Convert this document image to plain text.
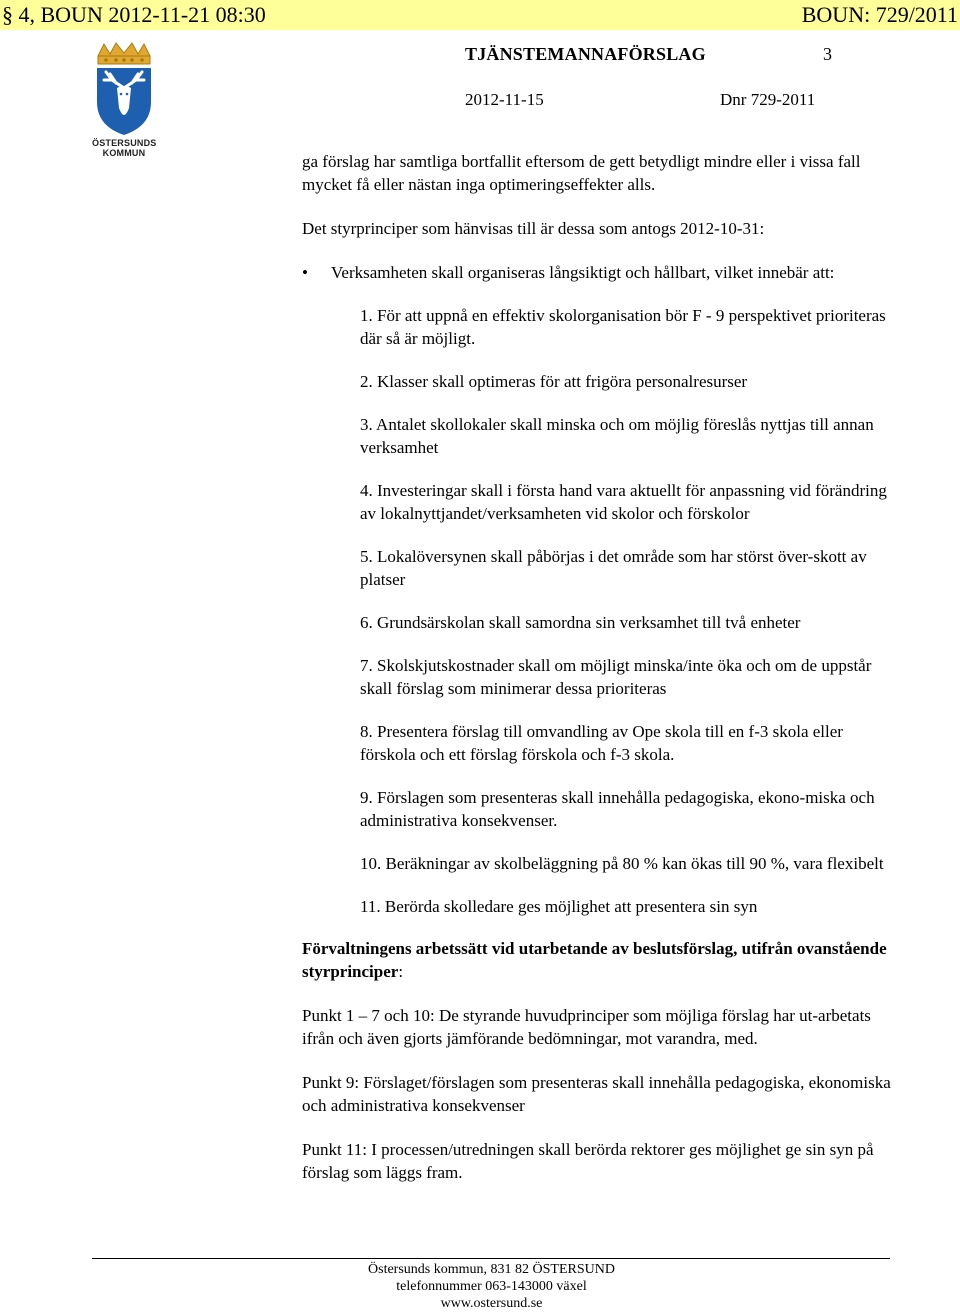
§ 4, BOUN 2012-11-21 08:30	BOUN: 729/2011
ÖSTERSUNDS KOMMUN
TJÄNSTEMANNAFÖRSLAG	3
2012-11-15	Dnr 729-2011

ga förslag har samtliga bortfallit eftersom de gett betydligt mindre eller i vissa fall mycket få eller nästan inga optimeringseffekter alls.

Det styrprinciper som hänvisas till är dessa som antogs 2012-10-31:

• Verksamheten skall organiseras långsiktigt och hållbart, vilket innebär att:

1. För att uppnå en effektiv skolorganisation bör F - 9 perspektivet prioriteras där så är möjligt.
2. Klasser skall optimeras för att frigöra personalresurser
3. Antalet skollokaler skall minska och om möjlig föreslås nyttjas till annan verksamhet
4. Investeringar skall i första hand vara aktuellt för anpassning vid förändring av lokalnyttjandet/verksamheten vid skolor och förskolor
5. Lokalöversynen skall påbörjas i det område som har störst över-skott av platser
6. Grundsärskolan skall samordna sin verksamhet till två enheter
7. Skolskjutskostnader skall om möjligt minska/inte öka och om de uppstår skall förslag som minimerar dessa prioriteras
8. Presentera förslag till omvandling av Ope skola till en f-3 skola eller förskola och ett förslag förskola och f-3 skola.
9. Förslagen som presenteras skall innehålla pedagogiska, ekono-miska och administrativa konsekvenser.
10. Beräkningar av skolbeläggning på 80 % kan ökas till 90 %, vara flexibelt
11. Berörda skolledare ges möjlighet att presentera sin syn

Förvaltningens arbetssätt vid utarbetande av beslutsförslag, utifrån ovanstående styrprinciper:

Punkt 1 – 7 och 10: De styrande huvudprinciper som möjliga förslag har ut-arbetats ifrån och även gjorts jämförande bedömningar, mot varandra, med.

Punkt 9: Förslaget/förslagen som presenteras skall innehålla pedagogiska, ekonomiska och administrativa konsekvenser

Punkt 11: I processen/utredningen skall berörda rektorer ges möjlighet ge sin syn på förslag som läggs fram.

Östersunds kommun, 831 82 ÖSTERSUND
telefonnummer 063-143000 växel
www.ostersund.se
